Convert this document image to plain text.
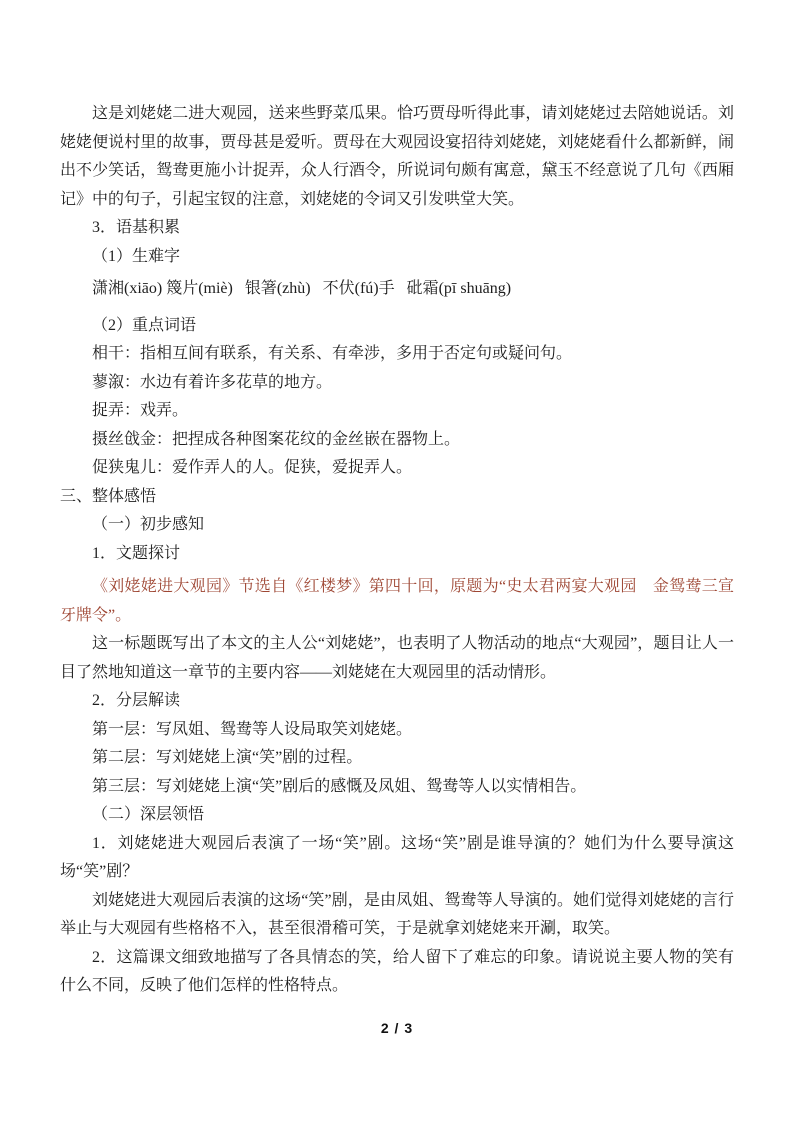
这是刘姥姥二进大观园，送来些野菜瓜果。恰巧贾母听得此事，请刘姥姥过去陪她说话。刘姥姥便说村里的故事，贾母甚是爱听。贾母在大观园设宴招待刘姥姥，刘姥姥看什么都新鲜，闹出不少笑话，鸳鸯更施小计捉弄，众人行酒令，所说词句颇有寓意，黛玉不经意说了几句《西厢记》中的句子，引起宝钗的注意，刘姥姥的令词又引发哄堂大笑。

3．语基积累

（1）生难字

潇湘(xiāo) 篾片(miè)   银箸(zhù)   不伏(fú)手   砒霜(pī shuāng)

（2）重点词语

相干：指相互间有联系，有关系、有牵涉，多用于否定句或疑问句。

蓼溆：水边有着许多花草的地方。

捉弄：戏弄。

摄丝戗金：把捏成各种图案花纹的金丝嵌在器物上。

促狭鬼儿：爱作弄人的人。促狭，爱捉弄人。

三、整体感悟

（一）初步感知

1．文题探讨

《刘姥姥进大观园》节选自《红楼梦》第四十回，原题为“史太君两宴大观园　金鸳鸯三宣牙牌令”。

这一标题既写出了本文的主人公“刘姥姥”，也表明了人物活动的地点“大观园”，题目让人一目了然地知道这一章节的主要内容——刘姥姥在大观园里的活动情形。

2．分层解读

第一层：写凤姐、鸳鸯等人设局取笑刘姥姥。

第二层：写刘姥姥上演“笑”剧的过程。

第三层：写刘姥姥上演“笑”剧后的感慨及凤姐、鸳鸯等人以实情相告。

（二）深层领悟

1．刘姥姥进大观园后表演了一场“笑”剧。这场“笑”剧是谁导演的？她们为什么要导演这场“笑”剧？

刘姥姥进大观园后表演的这场“笑”剧，是由凤姐、鸳鸯等人导演的。她们觉得刘姥姥的言行举止与大观园有些格格不入，甚至很滑稽可笑，于是就拿刘姥姥来开涮，取笑。

2．这篇课文细致地描写了各具情态的笑，给人留下了难忘的印象。请说说主要人物的笑有什么不同，反映了他们怎样的性格特点。

2 / 3
